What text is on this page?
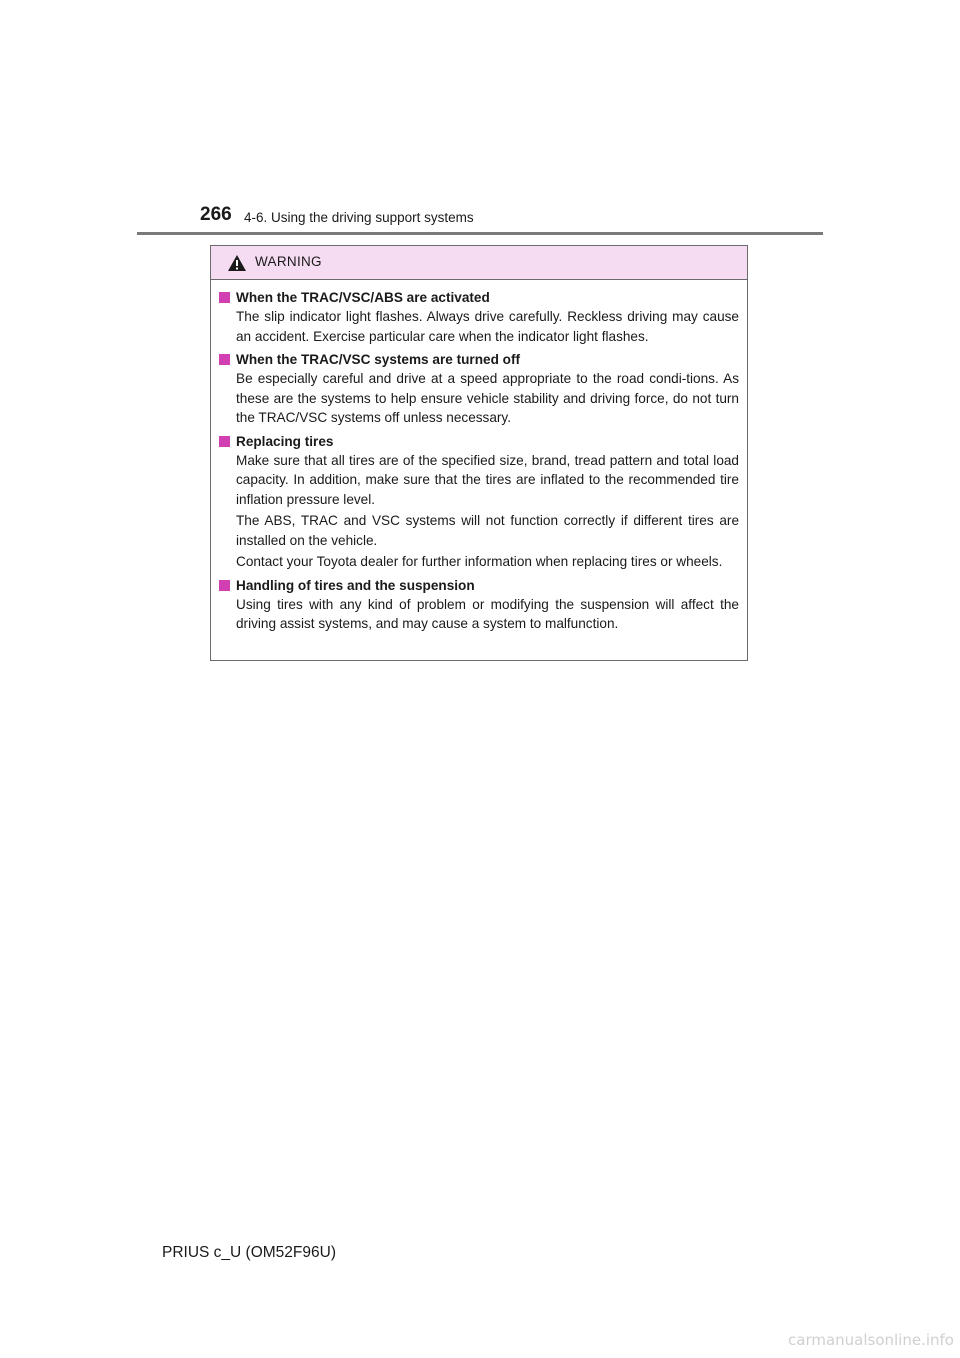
266 4-6. Using the driving support systems
WARNING
When the TRAC/VSC/ABS are activated

The slip indicator light flashes. Always drive carefully. Reckless driving may cause an accident. Exercise particular care when the indicator light flashes.

When the TRAC/VSC systems are turned off

Be especially careful and drive at a speed appropriate to the road condi-tions. As these are the systems to help ensure vehicle stability and driving force, do not turn the TRAC/VSC systems off unless necessary.

Replacing tires

Make sure that all tires are of the specified size, brand, tread pattern and total load capacity. In addition, make sure that the tires are inflated to the recommended tire inflation pressure level.

The ABS, TRAC and VSC systems will not function correctly if different tires are installed on the vehicle.

Contact your Toyota dealer for further information when replacing tires or wheels.

Handling of tires and the suspension

Using tires with any kind of problem or modifying the suspension will affect the driving assist systems, and may cause a system to malfunction.

PRIUS c_U (OM52F96U)
carmanualsonline.info
